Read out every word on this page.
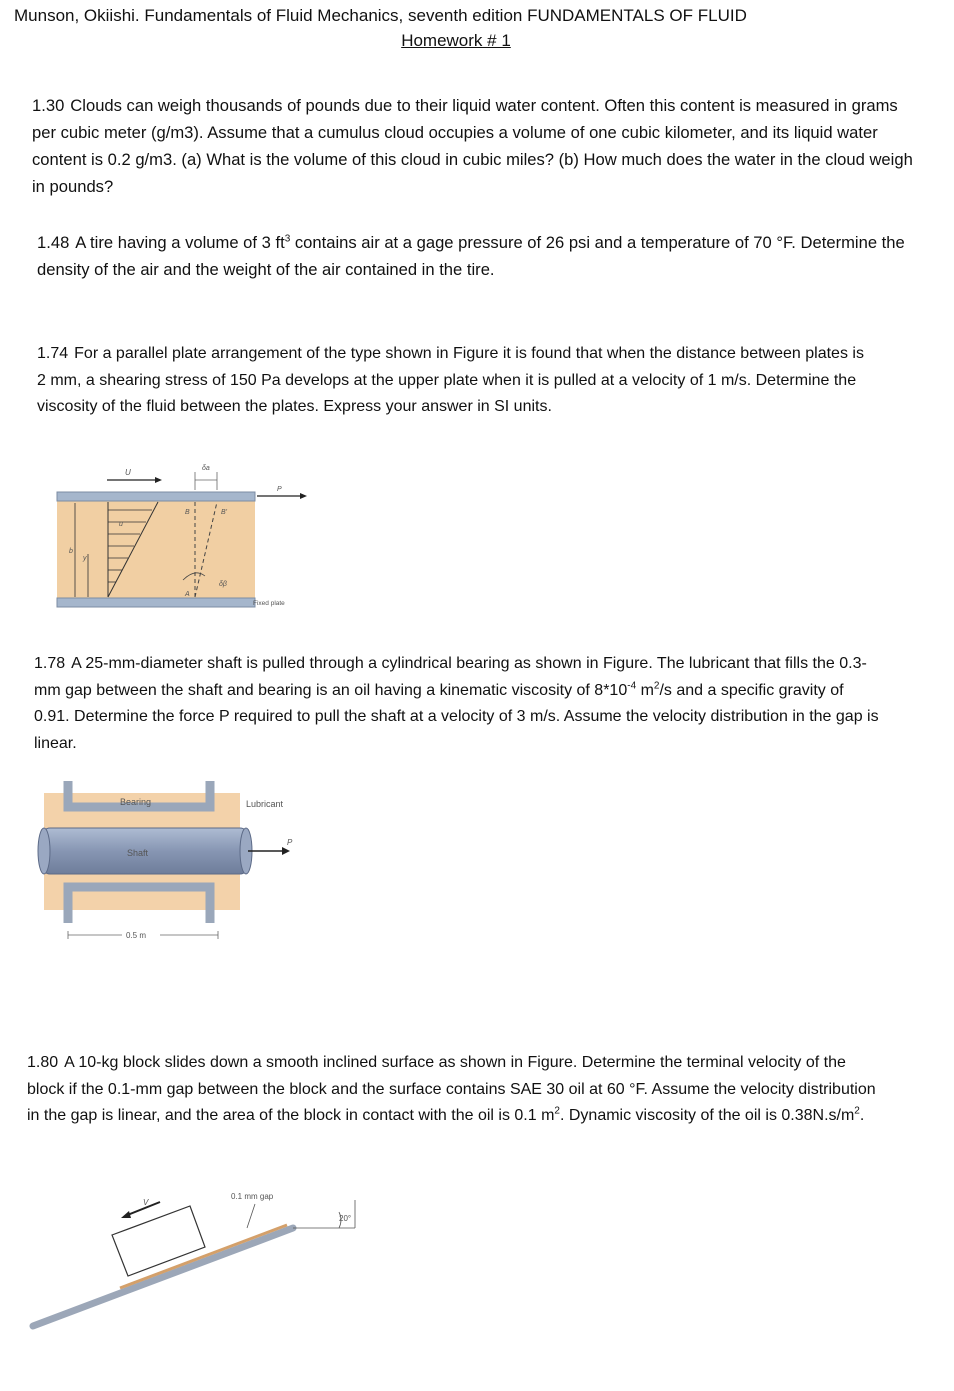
Munson, Okiishi. Fundamentals of Fluid Mechanics, seventh edition FUNDAMENTALS OF FLUID
Homework # 1
1.30 Clouds can weigh thousands of pounds due to their liquid water content. Often this content is measured in grams per cubic meter (g/m3). Assume that a cumulus cloud occupies a volume of one cubic kilometer, and its liquid water content is 0.2 g/m3. (a) What is the volume of this cloud in cubic miles? (b) How much does the water in the cloud weigh in pounds?
1.48 A tire having a volume of 3 $ft^3$ contains air at a gage pressure of 26 psi and a temperature of 70 °F. Determine the density of the air and the weight of the air contained in the tire.
1.74 For a parallel plate arrangement of the type shown in Figure it is found that when the distance between plates is 2 mm, a shearing stress of 150 Pa develops at the upper plate when it is pulled at a velocity of 1 m/s. Determine the viscosity of the fluid between the plates. Express your answer in SI units.
U	δa
b
y
u
B	B'
A
δβ
Fixed plate
P
1.78 A 25-mm-diameter shaft is pulled through a cylindrical bearing as shown in Figure. The lubricant that fills the 0.3-mm gap between the shaft and bearing is an oil having a kinematic viscosity of $8*10^{-4}$ $m^2/s$ and a specific gravity of 0.91. Determine the force P required to pull the shaft at a velocity of 3 m/s. Assume the velocity distribution in the gap is linear.
P
Bearing	Lubricant
Shaft
0.5 m
1.80 A 10-kg block slides down a smooth inclined surface as shown in Figure. Determine the terminal velocity of the block if the 0.1-mm gap between the block and the surface contains SAE 30 oil at 60 °F. Assume the velocity distribution in the gap is linear, and the area of the block in contact with the oil is 0.1 $m^2$. Dynamic viscosity of the oil is $0.38N.s/m^2$.
V
0.1 mm gap
20°
